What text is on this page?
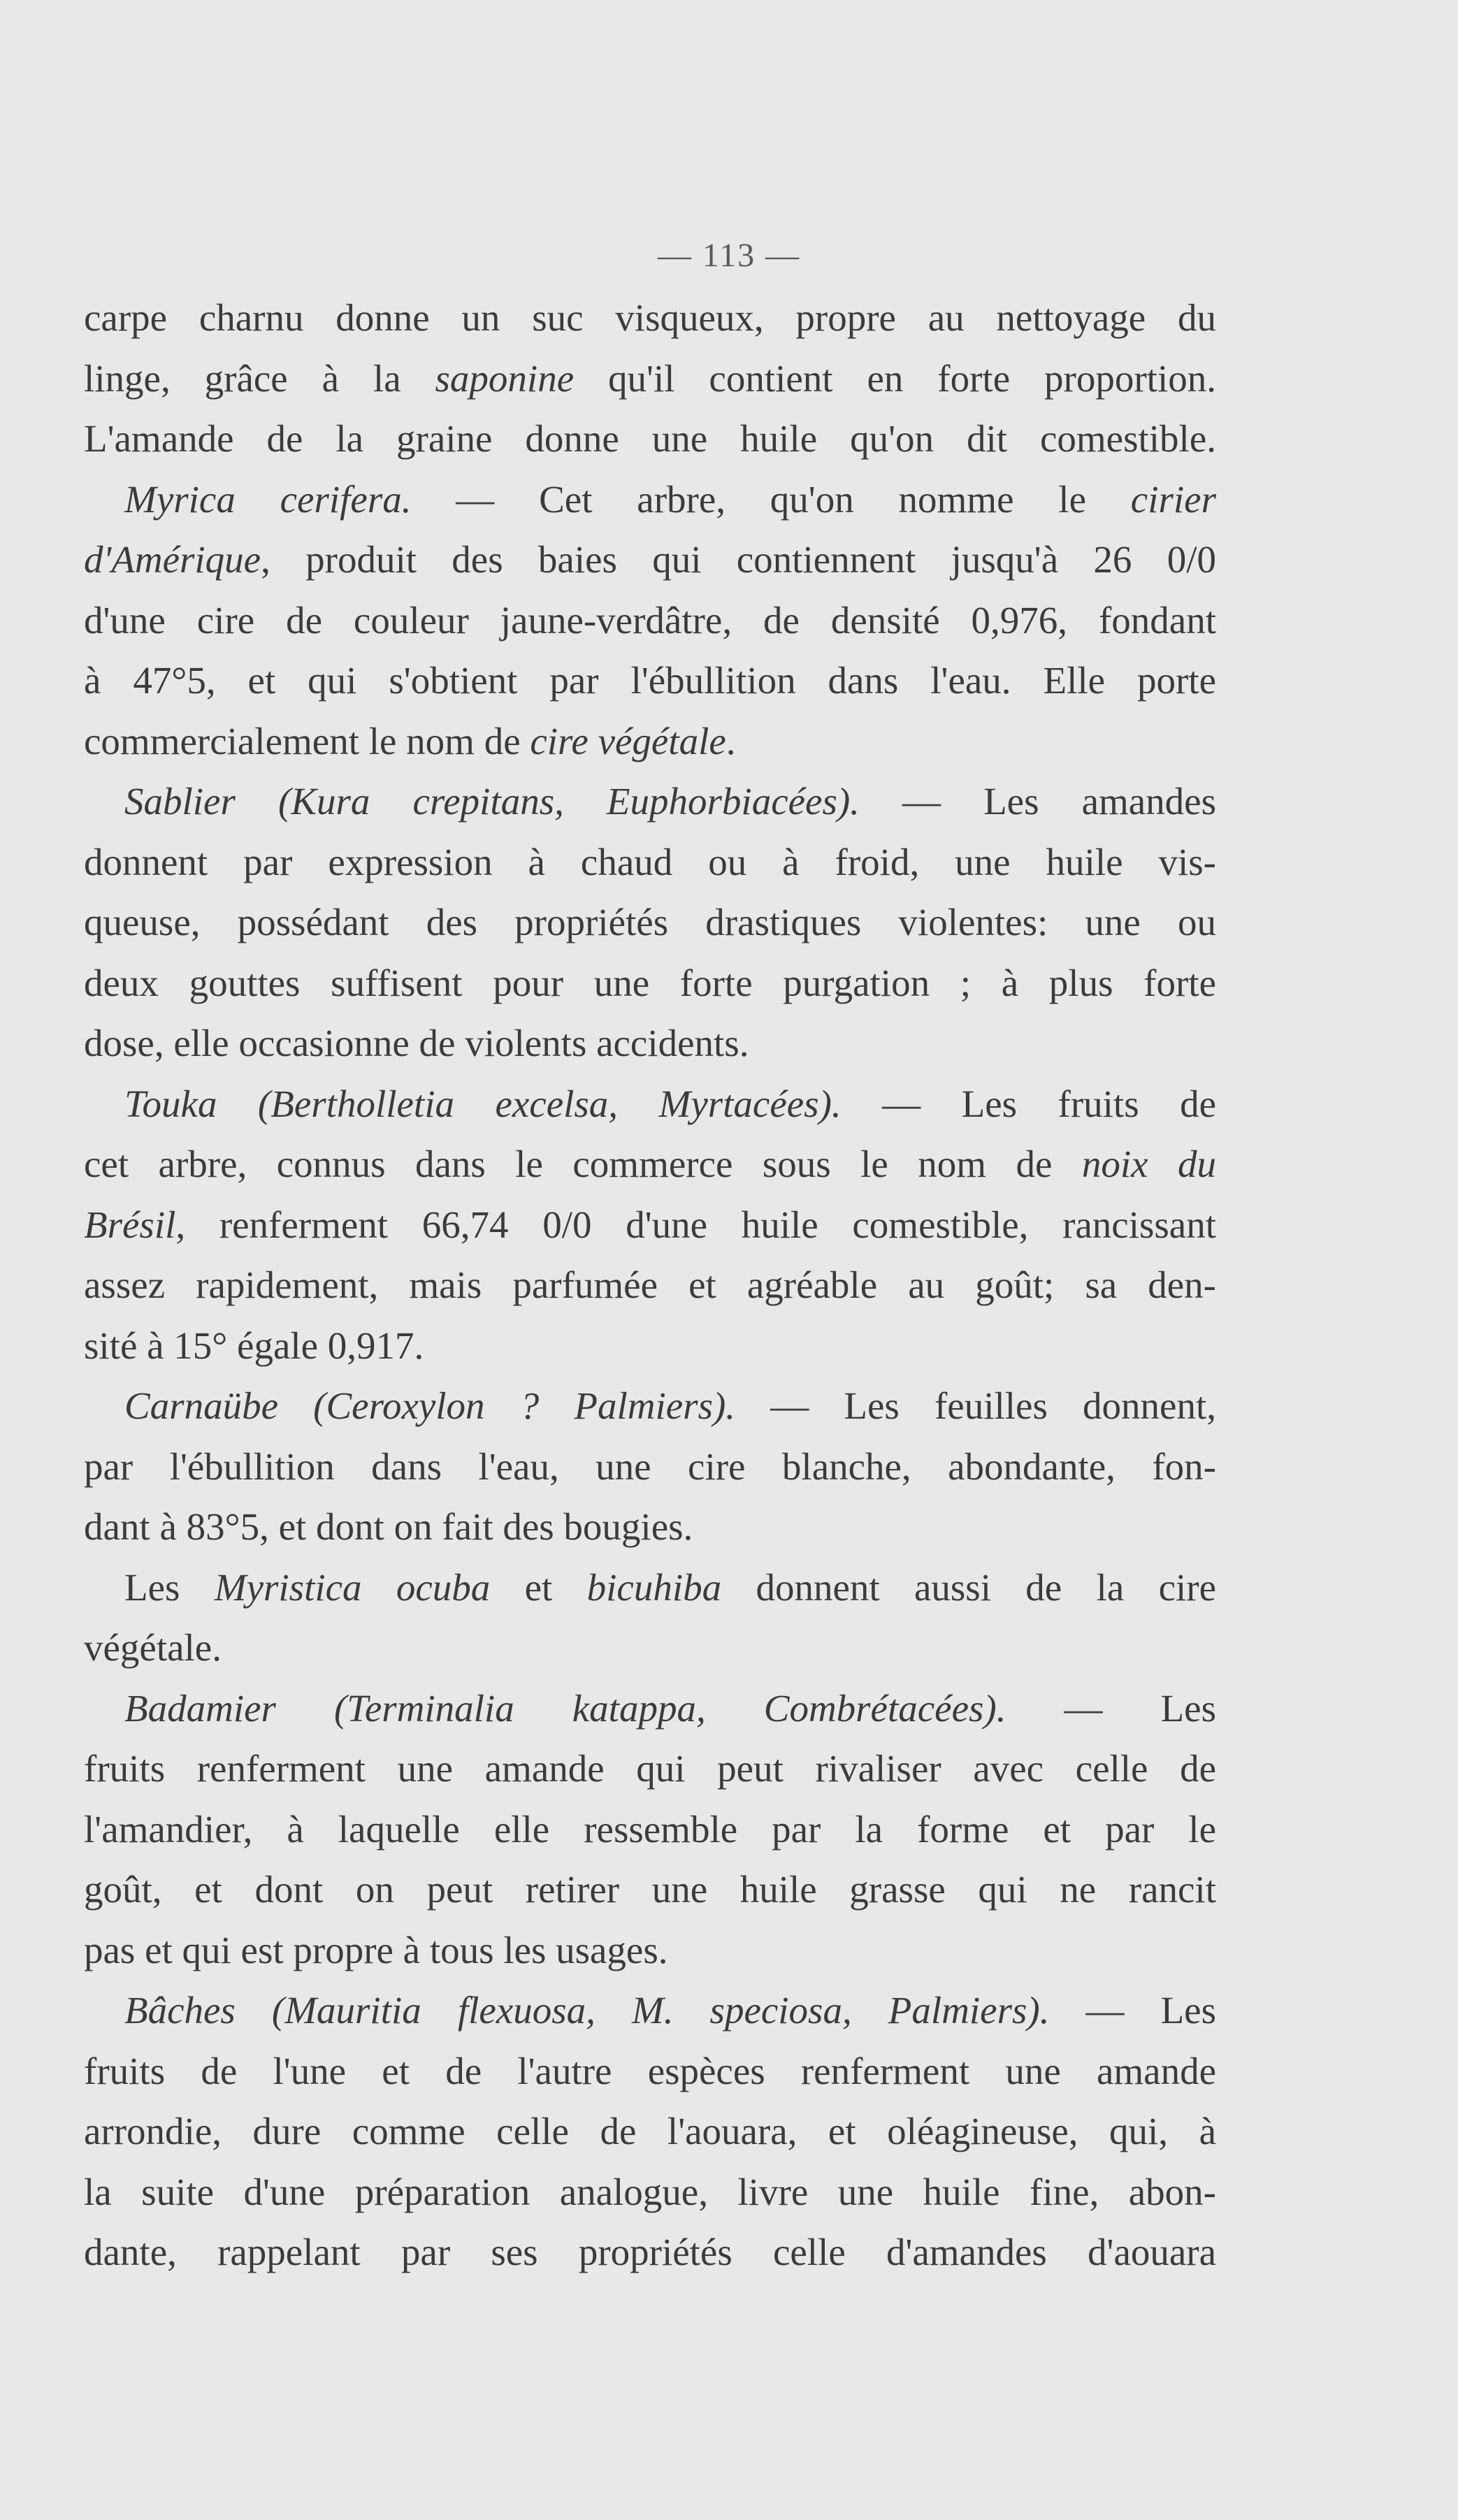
— 113 —
carpe charnu donne un suc visqueux, propre au nettoyage du
linge, grâce à la saponine qu'il contient en forte proportion.
L'amande de la graine donne une huile qu'on dit comestible.
Myrica cerifera. — Cet arbre, qu'on nomme le cirier
d'Amérique, produit des baies qui contiennent jusqu'à 26 0/0
d'une cire de couleur jaune-verdâtre, de densité 0,976, fondant
à 47°5, et qui s'obtient par l'ébullition dans l'eau. Elle porte
commercialement le nom de cire végétale.
Sablier (Kura crepitans, Euphorbiacées). — Les amandes
donnent par expression à chaud ou à froid, une huile vis-
queuse, possédant des propriétés drastiques violentes: une ou
deux gouttes suffisent pour une forte purgation ; à plus forte
dose, elle occasionne de violents accidents.
Touka (Bertholletia excelsa, Myrtacées). — Les fruits de
cet arbre, connus dans le commerce sous le nom de noix du
Brésil, renferment 66,74 0/0 d'une huile comestible, rancissant
assez rapidement, mais parfumée et agréable au goût; sa den-
sité à 15° égale 0,917.
Carnaübe (Ceroxylon ? Palmiers). — Les feuilles donnent,
par l'ébullition dans l'eau, une cire blanche, abondante, fon-
dant à 83°5, et dont on fait des bougies.
Les Myristica ocuba et bicuhiba donnent aussi de la cire
végétale.
Badamier (Terminalia katappa, Combrétacées). — Les
fruits renferment une amande qui peut rivaliser avec celle de
l'amandier, à laquelle elle ressemble par la forme et par le
goût, et dont on peut retirer une huile grasse qui ne rancit
pas et qui est propre à tous les usages.
Bâches (Mauritia flexuosa, M. speciosa, Palmiers). — Les
fruits de l'une et de l'autre espèces renferment une amande
arrondie, dure comme celle de l'aouara, et oléagineuse, qui, à
la suite d'une préparation analogue, livre une huile fine, abon-
dante, rappelant par ses propriétés celle d'amandes d'aouara
